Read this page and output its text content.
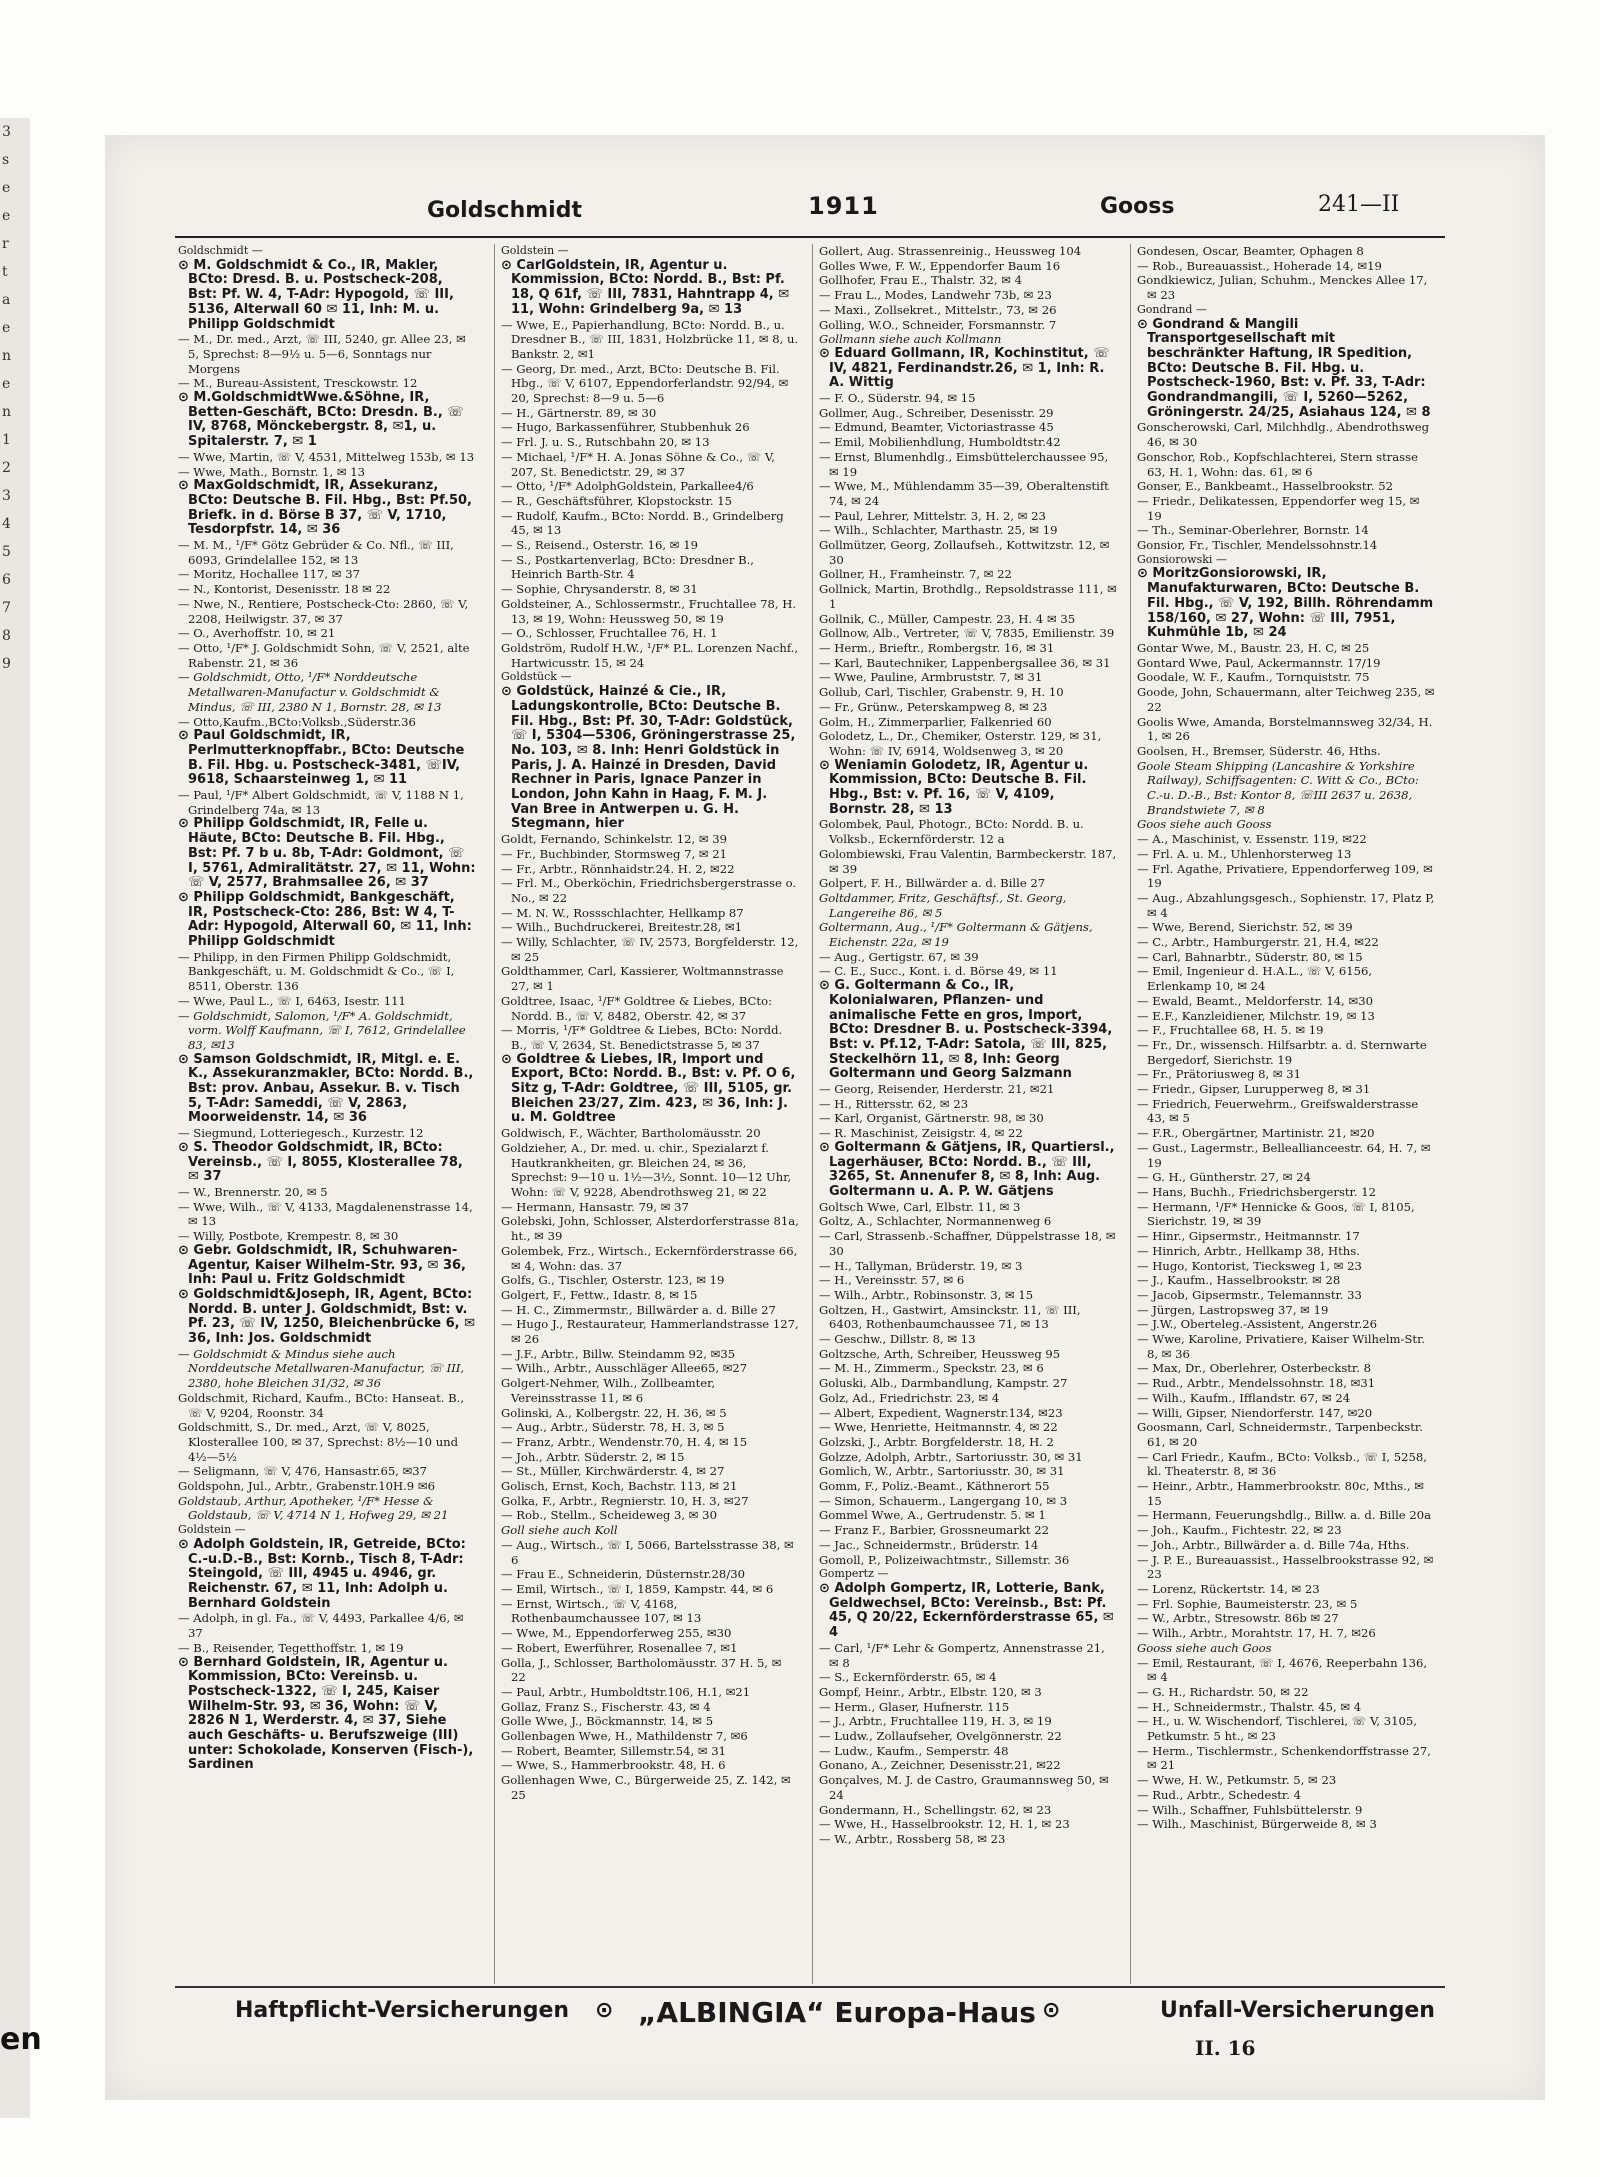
3
s
e
e
r
t
a
e
n
e
n
1
2
3
4
5
6
7
8
9
en
Goldschmidt	1911	Gooss	241—II

Goldschmidt —

⊙ M. Goldschmidt & Co., IR, Makler, BCto: Dresd. B. u. Postscheck-208, Bst: Pf. W. 4, T-Adr: Hypogold, ☏ III, 5136, Alterwall 60 ✉ 11, Inh: M. u. Philipp Goldschmidt

— M., Dr. med., Arzt, ☏ III, 5240, gr. Allee 23, ✉ 5, Sprechst: 8—9½ u. 5—6, Sonntags nur Morgens

— M., Bureau-Assistent, Tresckowstr. 12

⊙ M.GoldschmidtWwe.&Söhne, IR, Betten-Geschäft, BCto: Dresdn. B., ☏ IV, 8768, Mönckebergstr. 8, ✉1, u. Spitalerstr. 7, ✉ 1

— Wwe, Martin, ☏ V, 4531, Mittelweg 153b, ✉ 13

— Wwe, Math., Bornstr. 1, ✉ 13

⊙ MaxGoldschmidt, IR, Assekuranz, BCto: Deutsche B. Fil. Hbg., Bst: Pf.50, Briefk. in d. Börse B 37, ☏ V, 1710, Tesdorpfstr. 14, ✉ 36

— M. M., ¹/F* Götz Gebrüder & Co. Nfl., ☏ III, 6093, Grindelallee 152, ✉ 13

— Moritz, Hochallee 117, ✉ 37

— N., Kontorist, Desenisstr. 18 ✉ 22

— Nwe, N., Rentiere, Postscheck-Cto: 2860, ☏ V, 2208, Heilwigstr. 37, ✉ 37

— O., Averhoffstr. 10, ✉ 21

— Otto, ¹/F* J. Goldschmidt Sohn, ☏ V, 2521, alte Rabenstr. 21, ✉ 36

— Goldschmidt, Otto, ¹/F* Norddeutsche Metallwaren-Manufactur v. Goldschmidt & Mindus, ☏ III, 2380 N 1, Bornstr. 28, ✉ 13

— Otto,Kaufm.,BCto:Volksb.,Süderstr.36

⊙ Paul Goldschmidt, IR, Perlmutterknopffabr., BCto: Deutsche B. Fil. Hbg. u. Postscheck-3481, ☏IV, 9618, Schaarsteinweg 1, ✉ 11

— Paul, ¹/F* Albert Goldschmidt, ☏ V, 1188 N 1, Grindelberg 74a, ✉ 13

⊙ Philipp Goldschmidt, IR, Felle u. Häute, BCto: Deutsche B. Fil. Hbg., Bst: Pf. 7 b u. 8b, T-Adr: Goldmont, ☏ I, 5761, Admiralitätstr. 27, ✉ 11, Wohn: ☏ V, 2577, Brahmsallee 26, ✉ 37

⊙ Philipp Goldschmidt, Bankgeschäft, IR, Postscheck-Cto: 286, Bst: W 4, T-Adr: Hypogold, Alterwall 60, ✉ 11, Inh: Philipp Goldschmidt

— Philipp, in den Firmen Philipp Goldschmidt, Bankgeschäft, u. M. Goldschmidt & Co., ☏ I, 8511, Oberstr. 136

— Wwe, Paul L., ☏ I, 6463, Isestr. 111

— Goldschmidt, Salomon, ¹/F* A. Goldschmidt, vorm. Wolff Kaufmann, ☏ I, 7612, Grindelallee 83, ✉13

⊙ Samson Goldschmidt, IR, Mitgl. e. E. K., Assekuranzmakler, BCto: Nordd. B., Bst: prov. Anbau, Assekur. B. v. Tisch 5, T-Adr: Sameddi, ☏ V, 2863, Moorweidenstr. 14, ✉ 36

— Siegmund, Lotteriegesch., Kurzestr. 12

⊙ S. Theodor Goldschmidt, IR, BCto: Vereinsb., ☏ I, 8055, Klosterallee 78, ✉ 37

— W., Brennerstr. 20, ✉ 5

— Wwe, Wilh., ☏ V, 4133, Magdalenenstrasse 14, ✉ 13

— Willy, Postbote, Krempestr. 8, ✉ 30

⊙ Gebr. Goldschmidt, IR, Schuhwaren-Agentur, Kaiser Wilhelm-Str. 93, ✉ 36, Inh: Paul u. Fritz Goldschmidt

⊙ Goldschmidt&Joseph, IR, Agent, BCto: Nordd. B. unter J. Goldschmidt, Bst: v. Pf. 23, ☏ IV, 1250, Bleichenbrücke 6, ✉ 36, Inh: Jos. Goldschmidt

— Goldschmidt & Mindus siehe auch Norddeutsche Metallwaren-Manufactur, ☏ III, 2380, hohe Bleichen 31/32, ✉ 36

Goldschmit, Richard, Kaufm., BCto: Hanseat. B., ☏ V, 9204, Roonstr. 34

Goldschmitt, S., Dr. med., Arzt, ☏ V, 8025, Klosterallee 100, ✉ 37, Sprechst: 8½—10 und 4½—5½

— Seligmann, ☏ V, 476, Hansastr.65, ✉37

Goldspohn, Jul., Arbtr., Grabenstr.10H.9 ✉6

Goldstaub, Arthur, Apotheker, ¹/F* Hesse & Goldstaub, ☏ V, 4714 N 1, Hofweg 29, ✉ 21

Goldstein —

⊙ Adolph Goldstein, IR, Getreide, BCto: C.-u.D.-B., Bst: Kornb., Tisch 8, T-Adr: Steingold, ☏ III, 4945 u. 4946, gr. Reichenstr. 67, ✉ 11, Inh: Adolph u. Bernhard Goldstein

— Adolph, in gl. Fa., ☏ V, 4493, Parkallee 4/6, ✉ 37

— B., Reisender, Tegetthoffstr. 1, ✉ 19

⊙ Bernhard Goldstein, IR, Agentur u. Kommission, BCto: Vereinsb. u. Postscheck-1322, ☏ I, 245, Kaiser Wilhelm-Str. 93, ✉ 36, Wohn: ☏ V, 2826 N 1, Werderstr. 4, ✉ 37, Siehe auch Geschäfts- u. Berufszweige (III) unter: Schokolade, Konserven (Fisch-), Sardinen

Goldstein —

⊙ CarlGoldstein, IR, Agentur u. Kommission, BCto: Nordd. B., Bst: Pf. 18, Q 61f, ☏ III, 7831, Hahntrapp 4, ✉11, Wohn: Grindelberg 9a, ✉ 13

— Wwe, E., Papierhandlung, BCto: Nordd. B., u. Dresdner B., ☏ III, 1831, Holzbrücke 11, ✉ 8, u. Bankstr. 2, ✉1

— Georg, Dr. med., Arzt, BCto: Deutsche B. Fil. Hbg., ☏ V, 6107, Eppendorferlandstr. 92/94, ✉ 20, Sprechst: 8—9 u. 5—6

— H., Gärtnerstr. 89, ✉ 30

— Hugo, Barkassenführer, Stubbenhuk 26

— Frl. J. u. S., Rutschbahn 20, ✉ 13

— Michael, ¹/F* H. A. Jonas Söhne & Co., ☏ V, 207, St. Benedictstr. 29, ✉ 37

— Otto, ¹/F* AdolphGoldstein, Parkallee4/6

— R., Geschäftsführer, Klopstockstr. 15

— Rudolf, Kaufm., BCto: Nordd. B., Grindelberg 45, ✉ 13

— S., Reisend., Osterstr. 16, ✉ 19

— S., Postkartenverlag, BCto: Dresdner B., Heinrich Barth-Str. 4

— Sophie, Chrysanderstr. 8, ✉ 31

Goldsteiner, A., Schlossermstr., Fruchtallee 78, H. 13, ✉ 19, Wohn: Heussweg 50, ✉ 19

— O., Schlosser, Fruchtallee 76, H. 1

Goldström, Rudolf H.W., ¹/F* P.L. Lorenzen Nachf., Hartwicusstr. 15, ✉ 24

Goldstück —

⊙ Goldstück, Hainzé & Cie., IR, Ladungskontrolle, BCto: Deutsche B. Fil. Hbg., Bst: Pf. 30, T-Adr: Goldstück, ☏ I, 5304—5306, Gröningerstrasse 25, No. 103, ✉ 8. Inh: Henri Goldstück in Paris, J. A. Hainzé in Dresden, David Rechner in Paris, Ignace Panzer in London, John Kahn in Haag, F. M. J. Van Bree in Antwerpen u. G. H. Stegmann, hier

Goldt, Fernando, Schinkelstr. 12, ✉ 39

— Fr., Buchbinder, Stormsweg 7, ✉ 21

— Fr., Arbtr., Rönnhaidstr.24. H. 2, ✉22

— Frl. M., Oberköchin, Friedrichsbergerstrasse o. No., ✉ 22

— M. N. W., Rossschlachter, Hellkamp 87

— Wilh., Buchdruckerei, Breitestr.28, ✉1

— Willy, Schlachter, ☏ IV, 2573, Borgfelderstr. 12, ✉ 25

Goldthammer, Carl, Kassierer, Woltmannstrasse 27, ✉ 1

Goldtree, Isaac, ¹/F* Goldtree & Liebes, BCto: Nordd. B., ☏ V, 8482, Oberstr. 42, ✉ 37

— Morris, ¹/F* Goldtree & Liebes, BCto: Nordd. B., ☏ V, 2634, St. Benedictstrasse 5, ✉ 37

⊙ Goldtree & Liebes, IR, Import und Export, BCto: Nordd. B., Bst: v. Pf. O 6, Sitz g, T-Adr: Goldtree, ☏ III, 5105, gr. Bleichen 23/27, Zim. 423, ✉ 36, Inh: J. u. M. Goldtree

Goldwisch, F., Wächter, Bartholomäusstr. 20

Goldzieher, A., Dr. med. u. chir., Spezialarzt f. Hautkrankheiten, gr. Bleichen 24, ✉ 36, Sprechst: 9—10 u. 1½—3½, Sonnt. 10—12 Uhr, Wohn: ☏ V, 9228, Abendrothsweg 21, ✉ 22

— Hermann, Hansastr. 79, ✉ 37

Golebski, John, Schlosser, Alsterdorferstrasse 81a, ht., ✉ 39

Golembek, Frz., Wirtsch., Eckernförderstrasse 66, ✉ 4, Wohn: das. 37

Golfs, G., Tischler, Osterstr. 123, ✉ 19

Golgert, F., Fettw., Idastr. 8, ✉ 15

— H. C., Zimmermstr., Billwärder a. d. Bille 27

— Hugo J., Restaurateur, Hammerlandstrasse 127, ✉ 26

— J.F., Arbtr., Billw. Steindamm 92, ✉35

— Wilh., Arbtr., Ausschläger Allee65, ✉27

Golgert-Nehmer, Wilh., Zollbeamter, Vereinsstrasse 11, ✉ 6

Golinski, A., Kolbergstr. 22, H. 36, ✉ 5

— Aug., Arbtr., Süderstr. 78, H. 3, ✉ 5

— Franz, Arbtr., Wendenstr.70, H. 4, ✉ 15

— Joh., Arbtr. Süderstr. 2, ✉ 15

— St., Müller, Kirchwärderstr. 4, ✉ 27

Golisch, Ernst, Koch, Bachstr. 113, ✉ 21

Golka, F., Arbtr., Regnierstr. 10, H. 3, ✉27

— Rob., Stellm., Scheideweg 3, ✉ 30

Goll siehe auch Koll

— Aug., Wirtsch., ☏ I, 5066, Bartelsstrasse 38, ✉ 6

— Frau E., Schneiderin, Düsternstr.28/30

— Emil, Wirtsch., ☏ I, 1859, Kampstr. 44, ✉ 6

— Ernst, Wirtsch., ☏ V, 4168, Rothenbaumchaussee 107, ✉ 13

— Wwe, M., Eppendorferweg 255, ✉30

— Robert, Ewerführer, Rosenallee 7, ✉1

Golla, J., Schlosser, Bartholomäusstr. 37 H. 5, ✉ 22

— Paul, Arbtr., Humboldtstr.106, H.1, ✉21

Gollaz, Franz S., Fischerstr. 43, ✉ 4

Golle Wwe, J., Böckmannstr. 14, ✉ 5

Gollenbagen Wwe, H., Mathildenstr 7, ✉6

— Robert, Beamter, Sillemstr.54, ✉ 31

— Wwe, S., Hammerbrookstr. 48, H. 6

Gollenhagen Wwe, C., Bürgerweide 25, Z. 142, ✉ 25

Gollert, Aug. Strassenreinig., Heussweg 104

Golles Wwe, F. W., Eppendorfer Baum 16

Gollhofer, Frau E., Thalstr. 32, ✉ 4

— Frau L., Modes, Landwehr 73b, ✉ 23

— Maxi., Zollsekret., Mittelstr., 73, ✉ 26

Golling, W.O., Schneider, Forsmannstr. 7

Gollmann siehe auch Kollmann

⊙ Eduard Gollmann, IR, Kochinstitut, ☏ IV, 4821, Ferdinandstr.26, ✉ 1, Inh: R. A. Wittig

— F. O., Süderstr. 94, ✉ 15

Gollmer, Aug., Schreiber, Desenisstr. 29

— Edmund, Beamter, Victoriastrasse 45

— Emil, Mobilienhdlung, Humboldtstr.42

— Ernst, Blumenhdlg., Eimsbüttelerchaussee 95, ✉ 19

— Wwe, M., Mühlendamm 35—39, Oberaltenstift 74, ✉ 24

— Paul, Lehrer, Mittelstr. 3, H. 2, ✉ 23

— Wilh., Schlachter, Marthastr. 25, ✉ 19

Gollmützer, Georg, Zollaufseh., Kottwitzstr. 12, ✉ 30

Gollner, H., Framheinstr. 7, ✉ 22

Gollnick, Martin, Brothdlg., Repsoldstrasse 111, ✉ 1

Gollnik, C., Müller, Campestr. 23, H. 4 ✉ 35

Gollnow, Alb., Vertreter, ☏ V, 7835, Emilienstr. 39

— Herm., Brieftr., Rombergstr. 16, ✉ 31

— Karl, Bautechniker, Lappenbergsallee 36, ✉ 31

— Wwe, Pauline, Armbruststr. 7, ✉ 31

Gollub, Carl, Tischler, Grabenstr. 9, H. 10

— Fr., Grünw., Peterskampweg 8, ✉ 23

Golm, H., Zimmerparlier, Falkenried 60

Golodetz, L., Dr., Chemiker, Osterstr. 129, ✉ 31, Wohn: ☏ IV, 6914, Woldsenweg 3, ✉ 20

⊙ Weniamin Golodetz, IR, Agentur u. Kommission, BCto: Deutsche B. Fil. Hbg., Bst: v. Pf. 16, ☏ V, 4109, Bornstr. 28, ✉ 13

Golombek, Paul, Photogr., BCto: Nordd. B. u. Volksb., Eckernförderstr. 12 a

Golombiewski, Frau Valentin, Barmbeckerstr. 187, ✉ 39

Golpert, F. H., Billwärder a. d. Bille 27

Goltdammer, Fritz, Geschäftsf., St. Georg, Langereihe 86, ✉ 5

Goltermann, Aug., ¹/F* Goltermann & Gätjens, Eichenstr. 22a, ✉ 19

— Aug., Gertigstr. 67, ✉ 39

— C. E., Succ., Kont. i. d. Börse 49, ✉ 11

⊙ G. Goltermann & Co., IR, Kolonialwaren, Pflanzen- und animalische Fette en gros, Import, BCto: Dresdner B. u. Postscheck-3394, Bst: v. Pf.12, T-Adr: Satola, ☏ III, 825, Steckelhörn 11, ✉ 8, Inh: Georg Goltermann und Georg Salzmann

— Georg, Reisender, Herderstr. 21, ✉21

— H., Rittersstr. 62, ✉ 23

— Karl, Organist, Gärtnerstr. 98, ✉ 30

— R. Maschinist, Zeisigstr. 4, ✉ 22

⊙ Goltermann & Gätjens, IR, Quartiersl., Lagerhäuser, BCto: Nordd. B., ☏ III, 3265, St. Annenufer 8, ✉ 8, Inh: Aug. Goltermann u. A. P. W. Gätjens

Goltsch Wwe, Carl, Elbstr. 11, ✉ 3

Goltz, A., Schlachter, Normannenweg 6

— Carl, Strassenb.-Schaffner, Düppelstrasse 18, ✉ 30

— H., Tallyman, Brüderstr. 19, ✉ 3

— H., Vereinsstr. 57, ✉ 6

— Wilh., Arbtr., Robinsonstr. 3, ✉ 15

Goltzen, H., Gastwirt, Amsinckstr. 11, ☏ III, 6403, Rothenbaumchaussee 71, ✉ 13

— Geschw., Dillstr. 8, ✉ 13

Goltzsche, Arth, Schreiber, Heussweg 95

— M. H., Zimmerm., Speckstr. 23, ✉ 6

Goluski, Alb., Darmbandlung, Kampstr. 27

Golz, Ad., Friedrichstr. 23, ✉ 4

— Albert, Expedient, Wagnerstr.134, ✉23

— Wwe, Henriette, Heitmannstr. 4, ✉ 22

Golzski, J., Arbtr. Borgfelderstr. 18, H. 2

Golzze, Adolph, Arbtr., Sartoriusstr. 30, ✉ 31

Gomlich, W., Arbtr., Sartoriusstr. 30, ✉ 31

Gomm, F., Poliz.-Beamt., Käthnerort 55

— Simon, Schauerm., Langergang 10, ✉ 3

Gommel Wwe, A., Gertrudenstr. 5. ✉ 1

— Franz F., Barbier, Grossneumarkt 22

— Jac., Schneidermstr., Brüderstr. 14

Gomoll, P., Polizeiwachtmstr., Sillemstr. 36

Gompertz —

⊙ Adolph Gompertz, IR, Lotterie, Bank, Geldwechsel, BCto: Vereinsb., Bst: Pf. 45, Q 20/22, Eckernförderstrasse 65, ✉ 4

— Carl, ¹/F* Lehr & Gompertz, Annenstrasse 21, ✉ 8

— S., Eckernförderstr. 65, ✉ 4

Gompf, Heinr., Arbtr., Elbstr. 120, ✉ 3

— Herm., Glaser, Hufnerstr. 115

— J., Arbtr., Fruchtallee 119, H. 3, ✉ 19

— Ludw., Zollaufseher, Ovelgönnerstr. 22

— Ludw., Kaufm., Semperstr. 48

Gonano, A., Zeichner, Desenisstr.21, ✉22

Gonçalves, M. J. de Castro, Graumannsweg 50, ✉ 24

Gondermann, H., Schellingstr. 62, ✉ 23

— Wwe, H., Hasselbrookstr. 12, H. 1, ✉ 23

— W., Arbtr., Rossberg 58, ✉ 23

Gondesen, Oscar, Beamter, Ophagen 8

— Rob., Bureauassist., Hoherade 14, ✉19

Gondkiewicz, Julian, Schuhm., Menckes Allee 17, ✉ 23

Gondrand —

⊙ Gondrand & Mangili Transportgesellschaft mit beschränkter Haftung, IR Spedition, BCto: Deutsche B. Fil. Hbg. u. Postscheck-1960, Bst: v. Pf. 33, T-Adr: Gondrandmangili, ☏ I, 5260—5262, Gröningerstr. 24/25, Asiahaus 124, ✉ 8

Gonscherowski, Carl, Milchhdlg., Abendrothsweg 46, ✉ 30

Gonschor, Rob., Kopfschlachterei, Stern strasse 63, H. 1, Wohn: das. 61, ✉ 6

Gonser, E., Bankbeamt., Hasselbrookstr. 52

— Friedr., Delikatessen, Eppendorfer weg 15, ✉ 19

— Th., Seminar-Oberlehrer, Bornstr. 14

Gonsior, Fr., Tischler, Mendelssohnstr.14

Gonsiorowski —

⊙ MoritzGonsiorowski, IR, Manufakturwaren, BCto: Deutsche B. Fil. Hbg., ☏ V, 192, Billh. Röhrendamm 158/160, ✉ 27, Wohn: ☏ III, 7951, Kuhmühle 1b, ✉ 24

Gontar Wwe, M., Baustr. 23, H. C, ✉ 25

Gontard Wwe, Paul, Ackermannstr. 17/19

Goodale, W. F., Kaufm., Tornquiststr. 75

Goode, John, Schauermann, alter Teichweg 235, ✉ 22

Goolis Wwe, Amanda, Borstelmannsweg 32/34, H. 1, ✉ 26

Goolsen, H., Bremser, Süderstr. 46, Hths.

Goole Steam Shipping (Lancashire & Yorkshire Railway), Schiffsagenten: C. Witt & Co., BCto: C.-u. D.-B., Bst: Kontor 8, ☏III 2637 u. 2638, Brandstwiete 7, ✉ 8

Goos siehe auch Gooss

— A., Maschinist, v. Essenstr. 119, ✉22

— Frl. A. u. M., Uhlenhorsterweg 13

— Frl. Agathe, Privatiere, Eppendorferweg 109, ✉ 19

— Aug., Abzahlungsgesch., Sophienstr. 17, Platz P, ✉ 4

— Wwe, Berend, Sierichstr. 52, ✉ 39

— C., Arbtr., Hamburgerstr. 21, H.4, ✉22

— Carl, Bahnarbtr., Süderstr. 80, ✉ 15

— Emil, Ingenieur d. H.A.L., ☏ V, 6156, Erlenkamp 10, ✉ 24

— Ewald, Beamt., Meldorferstr. 14, ✉30

— E.F., Kanzleidiener, Milchstr. 19, ✉ 13

— F., Fruchtallee 68, H. 5. ✉ 19

— Fr., Dr., wissensch. Hilfsarbtr. a. d. Sternwarte Bergedorf, Sierichstr. 19

— Fr., Prätoriusweg 8, ✉ 31

— Friedr., Gipser, Lurupperweg 8, ✉ 31

— Friedrich, Feuerwehrm., Greifswalderstrasse 43, ✉ 5

— F.R., Obergärtner, Martinistr. 21, ✉20

— Gust., Lagermstr., Belleallianceestr. 64, H. 7, ✉ 19

— G. H., Güntherstr. 27, ✉ 24

— Hans, Buchh., Friedrichsbergerstr. 12

— Hermann, ¹/F* Hennicke & Goos, ☏ I, 8105, Sierichstr. 19, ✉ 39

— Hinr., Gipsermstr., Heitmannstr. 17

— Hinrich, Arbtr., Hellkamp 38, Hths.

— Hugo, Kontorist, Tiecksweg 1, ✉ 23

— J., Kaufm., Hasselbrookstr. ✉ 28

— Jacob, Gipsermstr., Telemannstr. 33

— Jürgen, Lastropsweg 37, ✉ 19

— J.W., Oberteleg.-Assistent, Angerstr.26

— Wwe, Karoline, Privatiere, Kaiser Wilhelm-Str. 8, ✉ 36

— Max, Dr., Oberlehrer, Osterbeckstr. 8

— Rud., Arbtr., Mendelssohnstr. 18, ✉31

— Wilh., Kaufm., Ifflandstr. 67, ✉ 24

— Willi, Gipser, Niendorferstr. 147, ✉20

Goosmann, Carl, Schneidermstr., Tarpenbeckstr. 61, ✉ 20

— Carl Friedr., Kaufm., BCto: Volksb., ☏ I, 5258, kl. Theaterstr. 8, ✉ 36

— Heinr., Arbtr., Hammerbrookstr. 80c, Mths., ✉ 15

— Hermann, Feuerungshdlg., Billw. a. d. Bille 20a

— Joh., Kaufm., Fichtestr. 22, ✉ 23

— Joh., Arbtr., Billwärder a. d. Bille 74a, Hths.

— J. P. E., Bureauassist., Hasselbrookstrasse 92, ✉ 23

— Lorenz, Rückertstr. 14, ✉ 23

— Frl. Sophie, Baumeisterstr. 23, ✉ 5

— W., Arbtr., Stresowstr. 86b ✉ 27

— Wilh., Arbtr., Morahtstr. 17, H. 7, ✉26

Gooss siehe auch Goos

— Emil, Restaurant, ☏ I, 4676, Reeperbahn 136, ✉ 4

— G. H., Richardstr. 50, ✉ 22

— H., Schneidermstr., Thalstr. 45, ✉ 4

— H., u. W. Wischendorf, Tischlerei, ☏ V, 3105, Petkumstr. 5 ht., ✉ 23

— Herm., Tischlermstr., Schenkendorffstrasse 27, ✉ 21

— Wwe, H. W., Petkumstr. 5, ✉ 23

— Rud., Arbtr., Schedestr. 4

— Wilh., Schaffner, Fuhlsbüttelerstr. 9

— Wilh., Maschinist, Bürgerweide 8, ✉ 3

Haftpflicht-Versicherungen ⊙ „ALBINGIA“ Europa-Haus ⊙	Unfall-Versicherungen
II. 16
